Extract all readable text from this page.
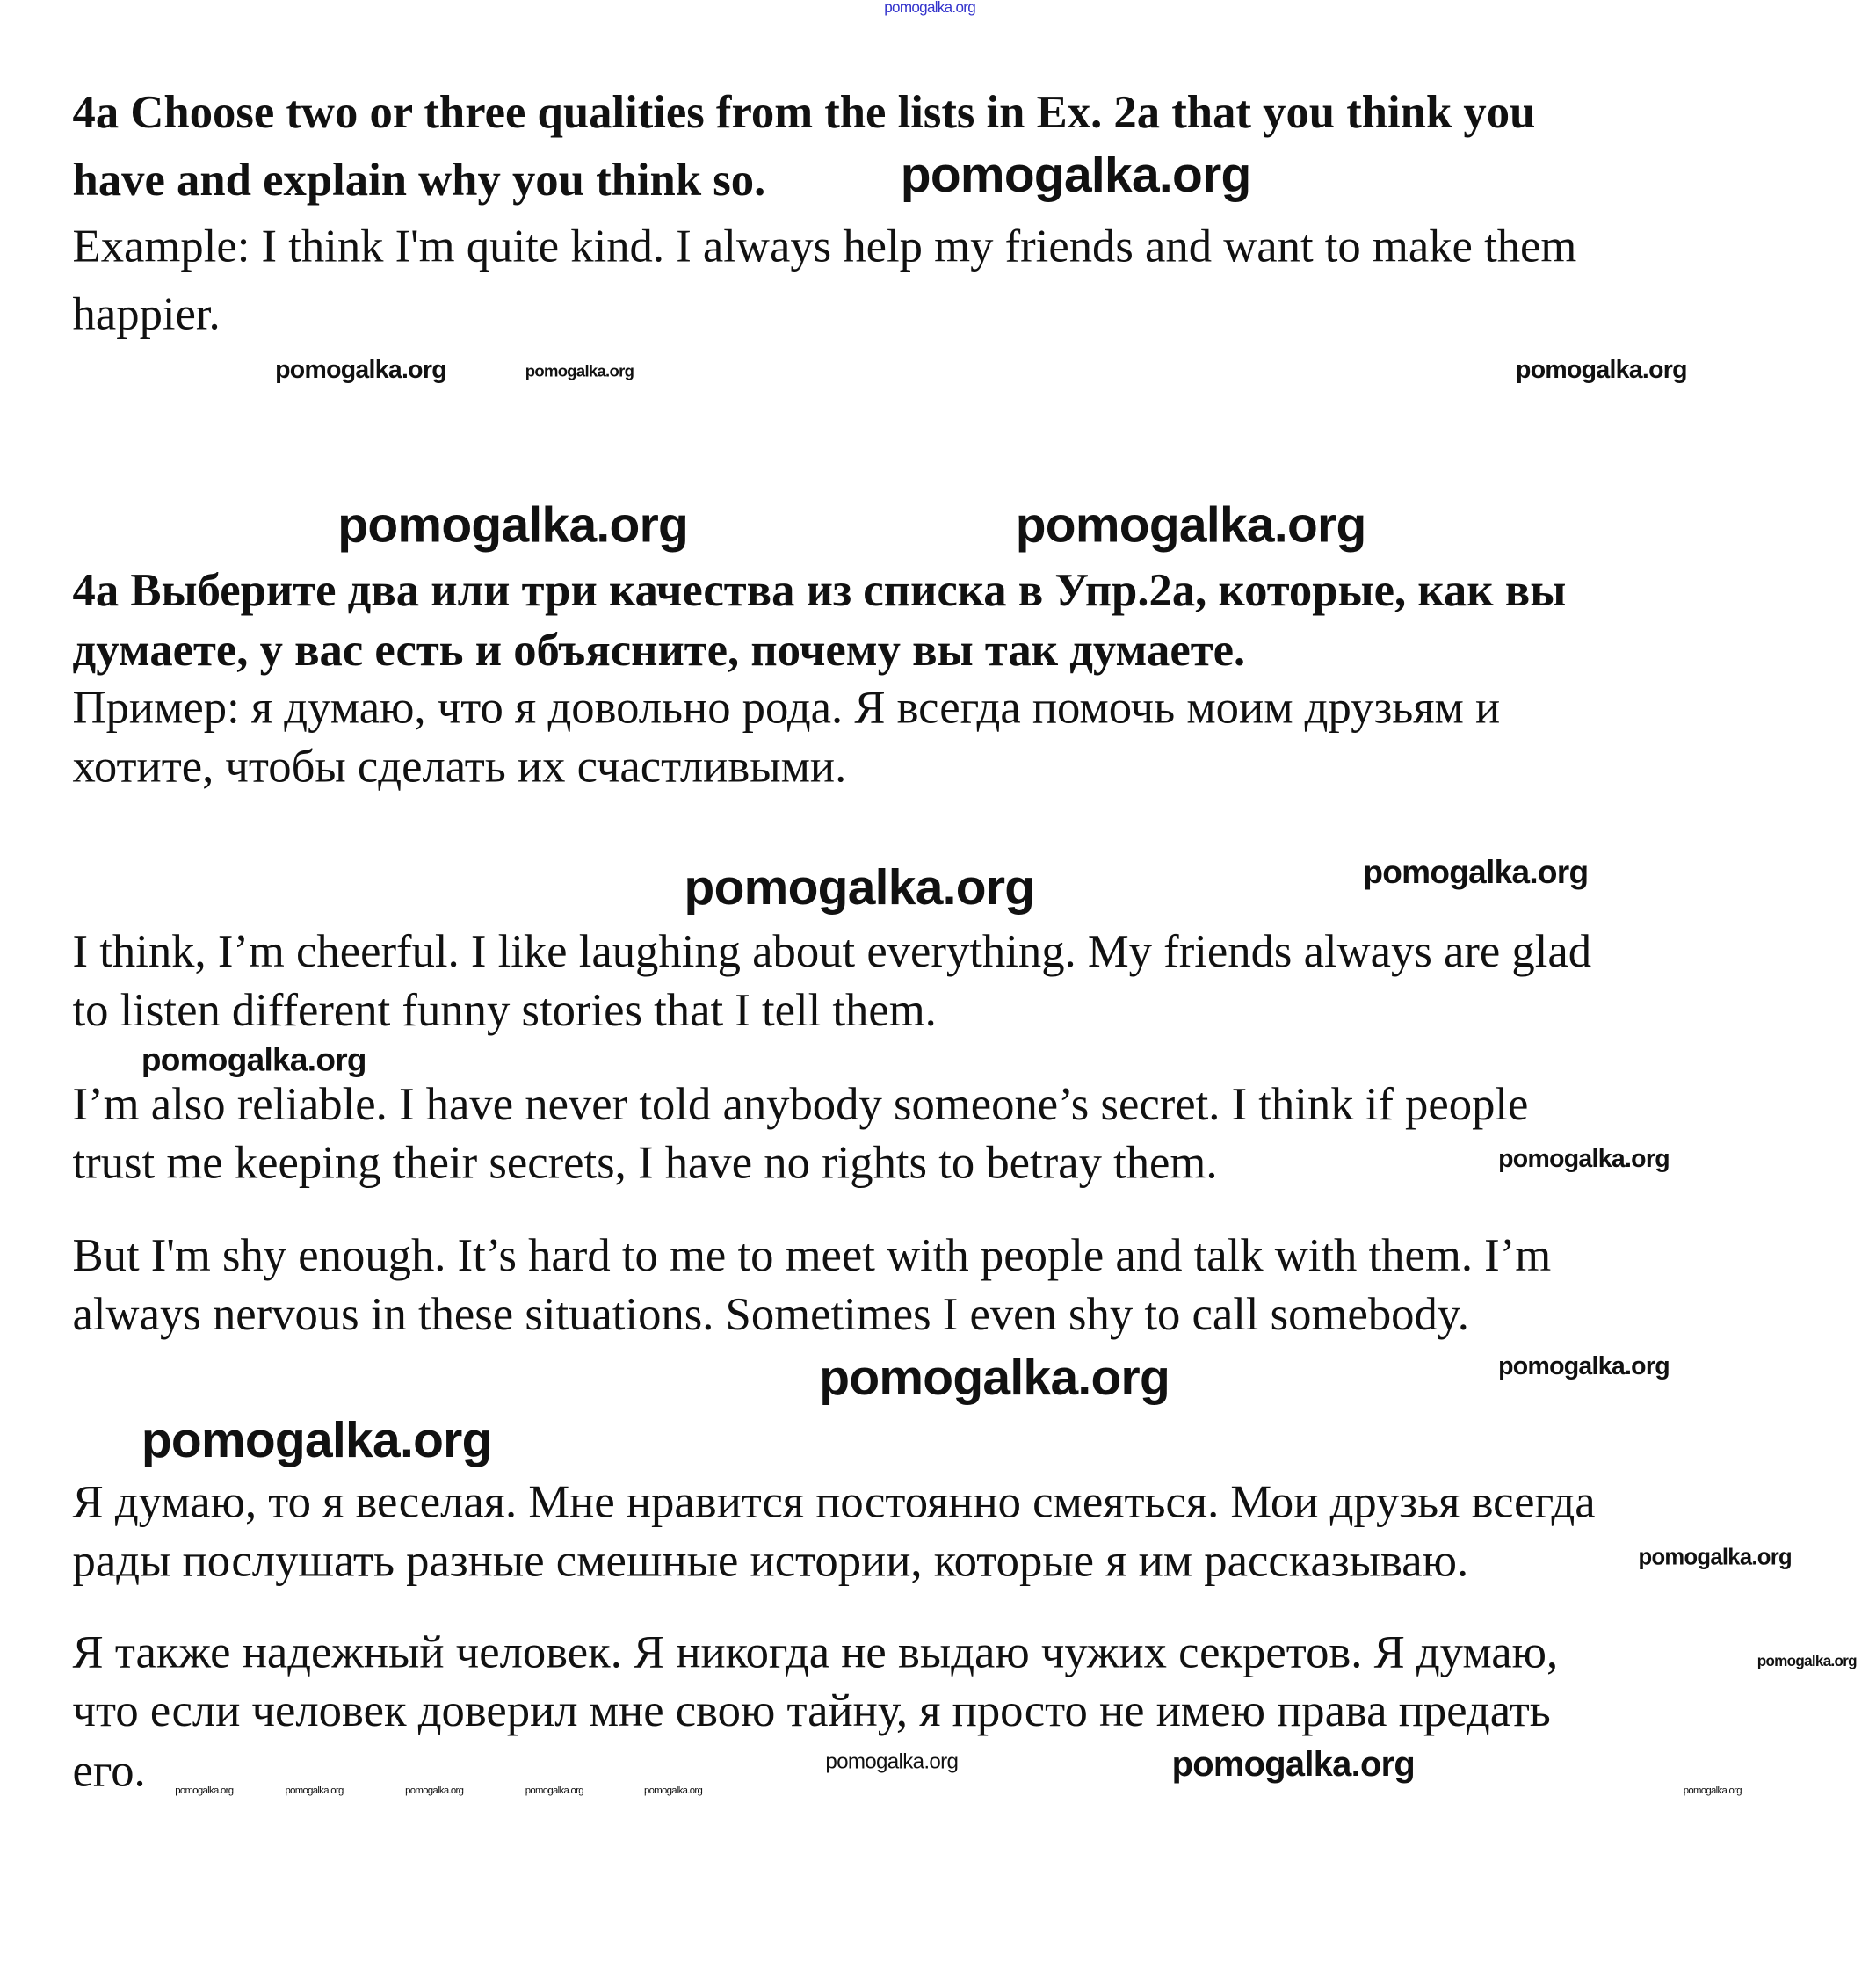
pomogalka.org
4a Choose two or three qualities from the lists in Ex. 2a that you think you
have and explain why you think so.
Example: I think I'm quite kind. I always help my friends and want to make them
happier.
4a Выберите два или три качества из списка в Упр.2а, которые, как вы
думаете, у вас есть и объясните, почему вы так думаете.
Пример: я думаю, что я довольно рода. Я всегда помочь моим друзьям и
хотите, чтобы сделать их счастливыми.
I think, I’m cheerful. I like laughing about everything. My friends always are glad
to listen different funny stories that I tell them.
I’m also reliable. I have never told anybody someone’s secret. I think if people
trust me keeping their secrets, I have no rights to betray them.
But I'm shy enough. It’s hard to me to meet with people and talk with them. I’m
always nervous in these situations. Sometimes I even shy to call somebody.
Я думаю, то я веселая. Мне нравится постоянно смеяться. Мои друзья всегда
рады послушать разные смешные истории, которые я им рассказываю.
Я также надежный человек. Я никогда не выдаю чужих секретов. Я думаю,
что если человек доверил мне свою тайну, я просто не имею права предать
его.
pomogalka.org	pomogalka.org
pomogalka.org
pomogalka.org
pomogalka.org	pomogalka.org
pomogalka.org	pomogalka.org
pomogalka.org
pomogalka.org
pomogalka.org	pomogalka.org
pomogalka.org
pomogalka.org
pomogalka.org
pomogalka.org	pomogalka.org
pomogalka.org	pomogalka.org	pomogalka.org	pomogalka.org	pomogalka.org	pomogalka.org
